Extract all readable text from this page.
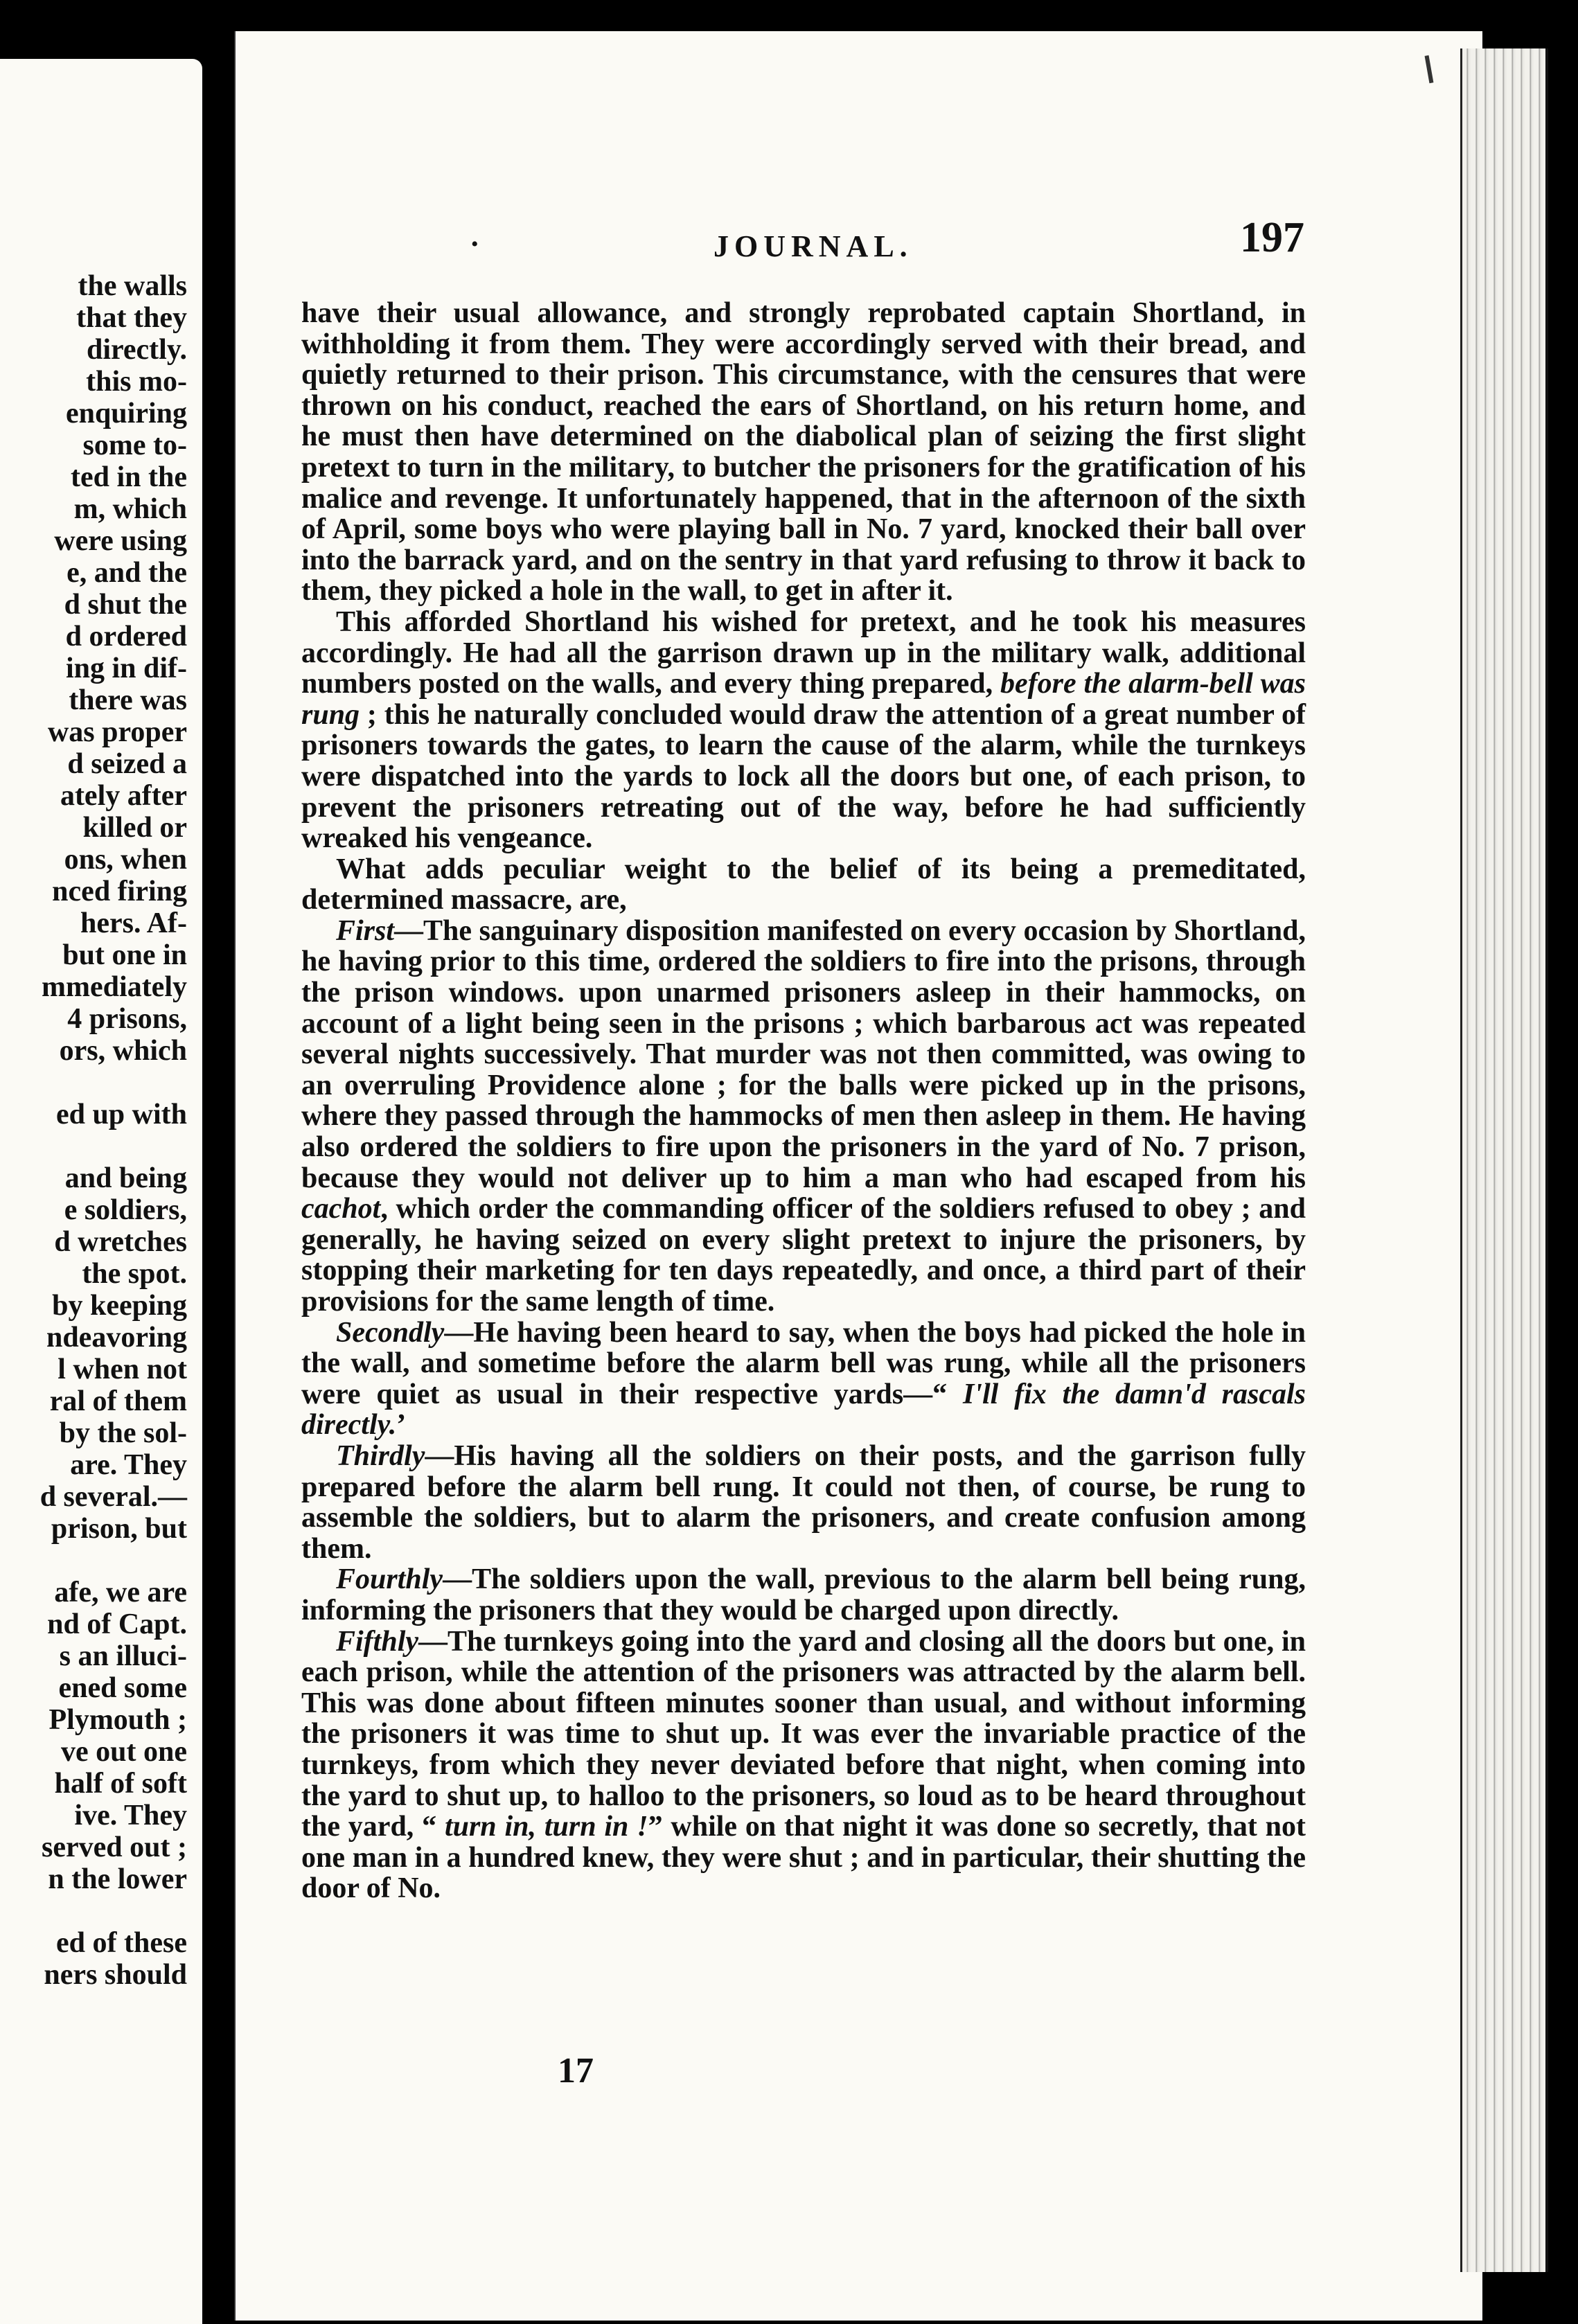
the walls
that they
directly.
this mo-
enquiring
some to-
ted in the
m, which
were using
e, and the
d shut the
d ordered
ing in dif-
there was
was proper
d seized a
ately after
killed or
ons, when
nced firing
hers. Af-
but one in
mmediately
4 prisons,
ors, which
ed up with
and being
e soldiers,
d wretches
the spot.
by keeping
ndeavoring
l when not
ral of them
by the sol-
are. They
d several.—
prison, but
afe, we are
nd of Capt.
s an illuci-
ened some
Plymouth ;
ve out one
half of soft
ive. They
served out ;
n the lower
ed of these
ners should
•	JOURNAL.	197

have their usual allowance, and strongly reprobated captain Shortland, in withholding it from them. They were accordingly served with their bread, and quietly returned to their prison. This circumstance, with the censures that were thrown on his conduct, reached the ears of Shortland, on his return home, and he must then have determined on the diabolical plan of seizing the first slight pretext to turn in the military, to butcher the prisoners for the gratification of his malice and revenge. It unfortunately happened, that in the afternoon of the sixth of April, some boys who were playing ball in No. 7 yard, knocked their ball over into the barrack yard, and on the sentry in that yard refusing to throw it back to them, they picked a hole in the wall, to get in after it.

This afforded Shortland his wished for pretext, and he took his measures accordingly. He had all the garrison drawn up in the military walk, additional numbers posted on the walls, and every thing prepared, before the alarm-bell was rung ; this he naturally concluded would draw the attention of a great number of prisoners towards the gates, to learn the cause of the alarm, while the turnkeys were dispatched into the yards to lock all the doors but one, of each prison, to prevent the prisoners retreating out of the way, before he had sufficiently wreaked his vengeance.

What adds peculiar weight to the belief of its being a premeditated, determined massacre, are,

First—The sanguinary disposition manifested on every occasion by Shortland, he having prior to this time, ordered the soldiers to fire into the prisons, through the prison windows. upon unarmed prisoners asleep in their hammocks, on account of a light being seen in the prisons ; which barbarous act was repeated several nights successively. That murder was not then committed, was owing to an overruling Providence alone ; for the balls were picked up in the prisons, where they passed through the hammocks of men then asleep in them. He having also ordered the soldiers to fire upon the prisoners in the yard of No. 7 prison, because they would not deliver up to him a man who had escaped from his cachot, which order the commanding officer of the soldiers refused to obey ; and generally, he having seized on every slight pretext to injure the prisoners, by stopping their marketing for ten days repeatedly, and once, a third part of their provisions for the same length of time.

Secondly—He having been heard to say, when the boys had picked the hole in the wall, and sometime before the alarm bell was rung, while all the prisoners were quiet as usual in their respective yards—“ I'll fix the damn'd rascals directly.’

Thirdly—His having all the soldiers on their posts, and the garrison fully prepared before the alarm bell rung. It could not then, of course, be rung to assemble the soldiers, but to alarm the prisoners, and create confusion among them.

Fourthly—The soldiers upon the wall, previous to the alarm bell being rung, informing the prisoners that they would be charged upon directly.

Fifthly—The turnkeys going into the yard and closing all the doors but one, in each prison, while the attention of the prisoners was attracted by the alarm bell. This was done about fifteen minutes sooner than usual, and without informing the prisoners it was time to shut up. It was ever the invariable practice of the turnkeys, from which they never deviated before that night, when coming into the yard to shut up, to halloo to the prisoners, so loud as to be heard throughout the yard, “ turn in, turn in !” while on that night it was done so secretly, that not one man in a hundred knew, they were shut ; and in particular, their shutting the door of No.

17
